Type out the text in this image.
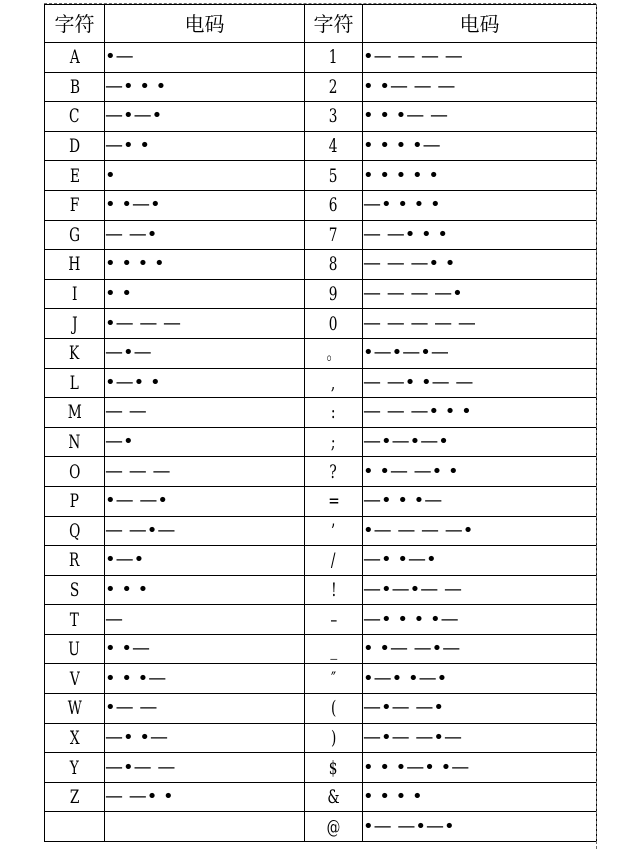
字符	电码	字符	电码
A	•—	1	•— — — —
B	—• • •	2	• •— — —
C	—•—•	3	• • •— —
D	—• •	4	• • • •—
E	•	5	• • • • •
F	• •—•	6	—• • • •
G	— —•	7	— —• • •
H	• • • •	8	— — —• •
I	• •	9	— — — —•
J	•— — —	0	— — — — —
K	—•—	。	•—•—•—
L	•—• •	,	— —• •— —
M	— —	:	— — —• • •
N	—•	;	—•—•—•
O	— — —	?	• •— —• •
P	•— —•	=	—• • •—
Q	— —•—	’	•— — — —•
R	•—•	/	—• •—•
S	• • •	!	—•—•— —
T	—	–	—• • • •—
U	• •—	_	• •— —•—
V	• • •—	″	•—• •—•
W	•— —	(	—•— —•
X	—• •—	)	—•— —•—
Y	—•— —	$	• • •—• •—
Z	— —• •	&	• • • •
		@	•— —•—•
